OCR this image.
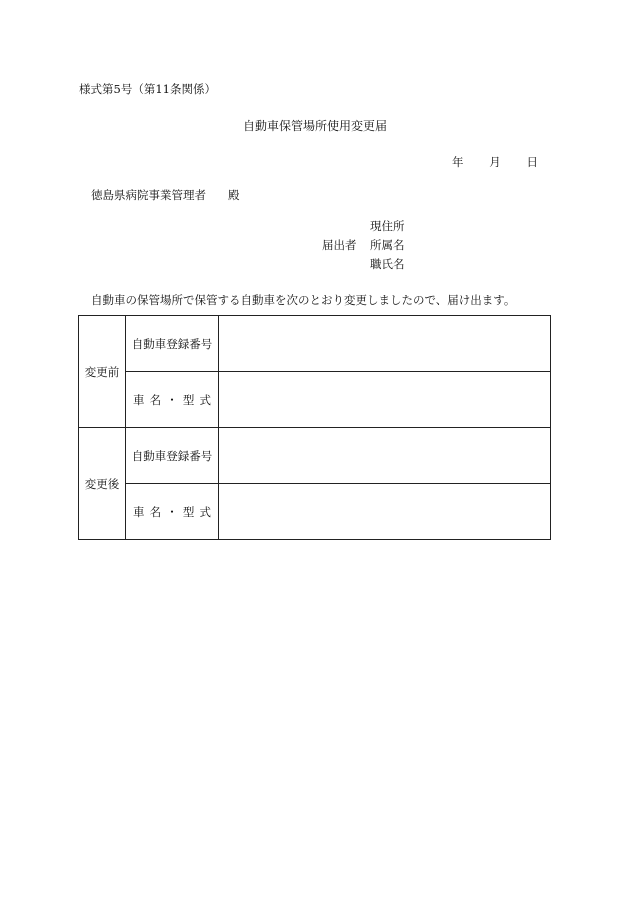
様式第5号（第11条関係）
自動車保管場所使用変更届
年 月 日
徳島県病院事業管理者 殿
届出者
現住所
所属名
職氏名
自動車の保管場所で保管する自動車を次のとおり変更しましたので、届け出ます。
変更前	自動車登録番号	

	車 名 ・ 型 式	

変更後	自動車登録番号	

	車 名 ・ 型 式	
